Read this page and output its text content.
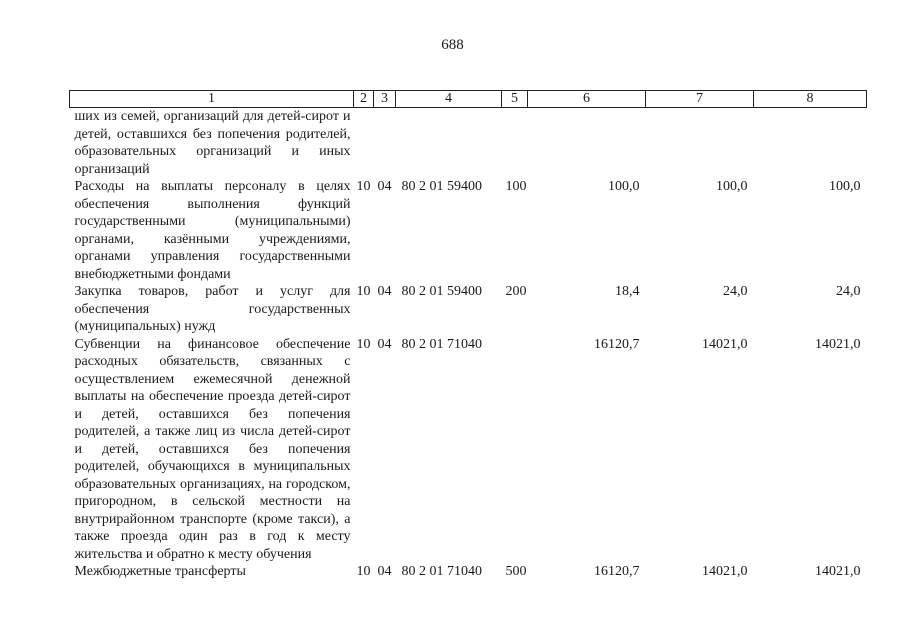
688
1	2	3	4	5	6	7	8
ших из семей, организаций для детей-сирот и детей, оставшихся без попечения родителей, образовательных организаций и иных организаций							
Расходы на выплаты персоналу в целях обеспечения выполнения функций государственными (муниципальными) органами, казёнными учреждениями, органами управления государственными внебюджетными фондами	10	04	80 2 01 59400	100	100,0	100,0	100,0
Закупка товаров, работ и услуг для обеспечения государственных (муниципальных) нужд	10	04	80 2 01 59400	200	18,4	24,0	24,0
Субвенции на финансовое обеспечение расходных обязательств, связанных с осуществлением ежемесячной денежной выплаты на обеспечение проезда детей-сирот и детей, оставшихся без попечения родителей, а также лиц из числа детей-сирот и детей, оставшихся без попечения родителей, обучающихся в муниципальных образовательных организациях, на городском, пригородном, в сельской местности на внутрирайонном транспорте (кроме такси), а также проезда один раз в год к месту жительства и обратно к месту обучения	10	04	80 2 01 71040		16120,7	14021,0	14021,0
Межбюджетные трансферты	10	04	80 2 01 71040	500	16120,7	14021,0	14021,0
